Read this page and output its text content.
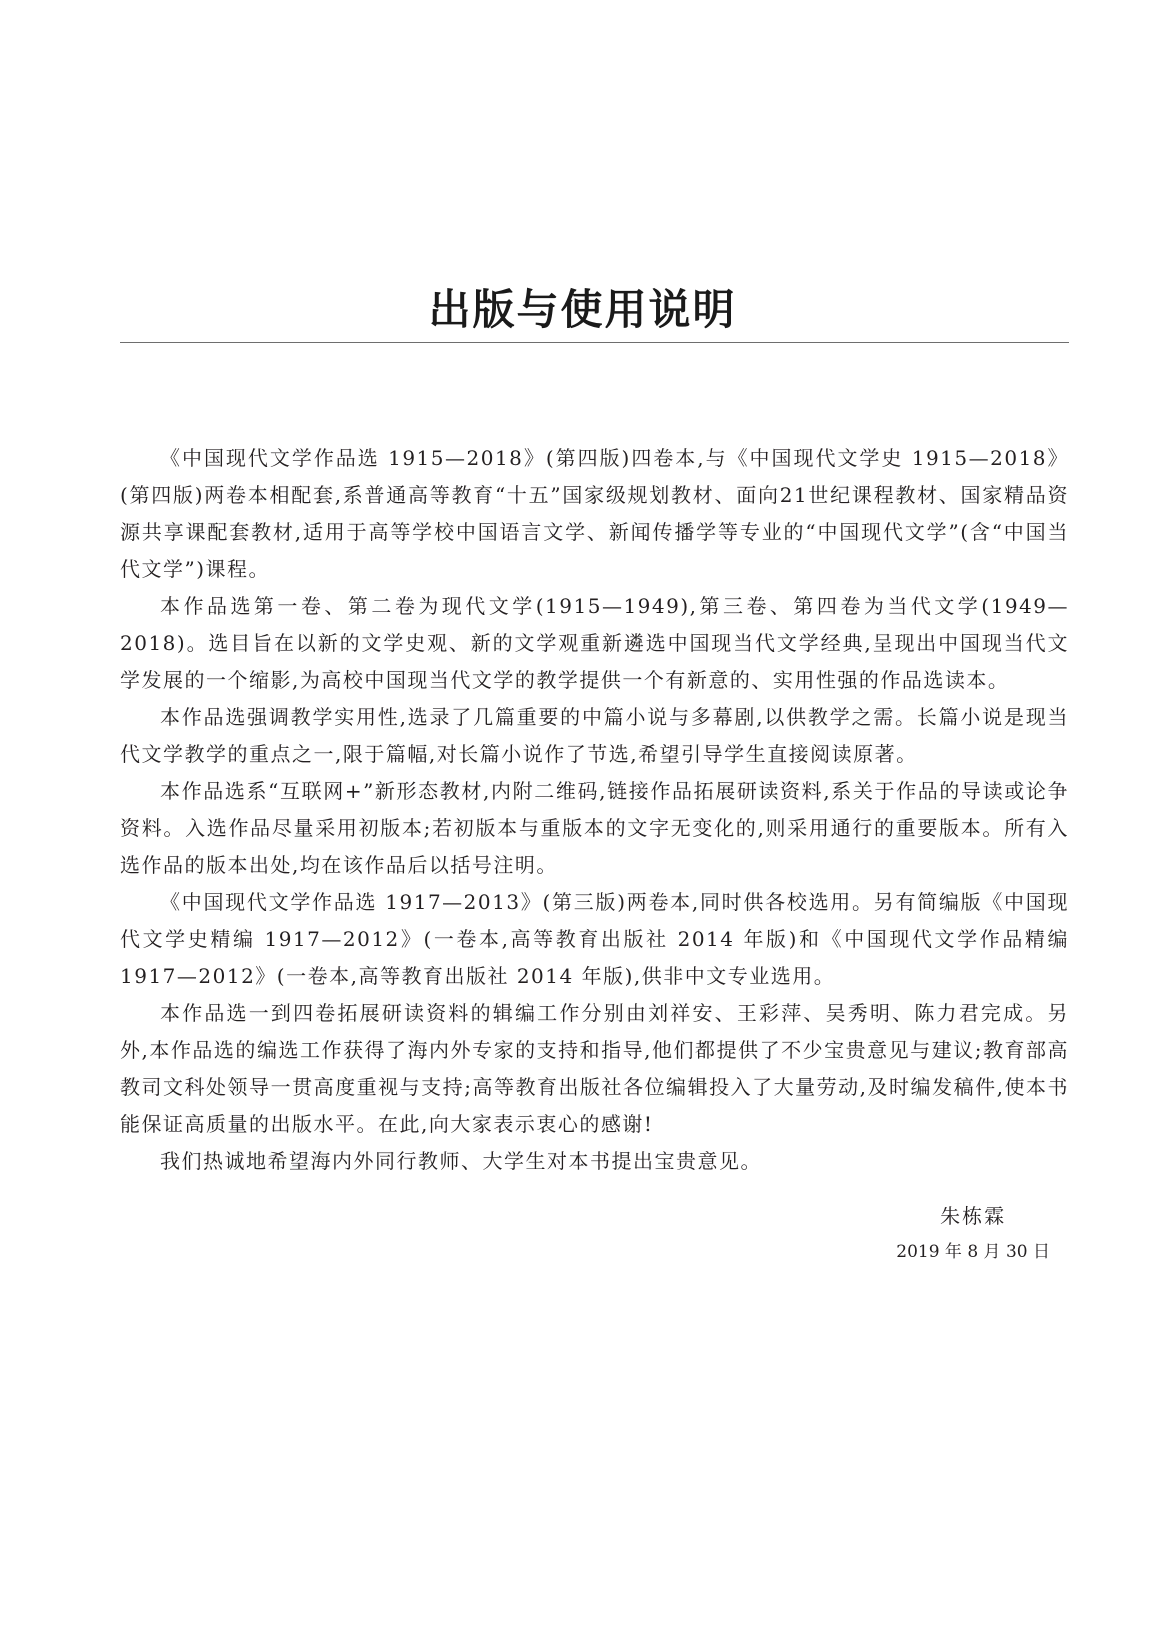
出版与使用说明

《中国现代文学作品选 1915—2018》(第四版)四卷本,与《中国现代文学史 1915—2018》(第四版)两卷本相配套,系普通高等教育“十五”国家级规划教材、面向21世纪课程教材、国家精品资源共享课配套教材,适用于高等学校中国语言文学、新闻传播学等专业的“中国现代文学”(含“中国当代文学”)课程。

本作品选第一卷、第二卷为现代文学(1915—1949),第三卷、第四卷为当代文学(1949—2018)。选目旨在以新的文学史观、新的文学观重新遴选中国现当代文学经典,呈现出中国现当代文学发展的一个缩影,为高校中国现当代文学的教学提供一个有新意的、实用性强的作品选读本。

本作品选强调教学实用性,选录了几篇重要的中篇小说与多幕剧,以供教学之需。长篇小说是现当代文学教学的重点之一,限于篇幅,对长篇小说作了节选,希望引导学生直接阅读原著。

本作品选系“互联网+”新形态教材,内附二维码,链接作品拓展研读资料,系关于作品的导读或论争资料。入选作品尽量采用初版本;若初版本与重版本的文字无变化的,则采用通行的重要版本。所有入选作品的版本出处,均在该作品后以括号注明。

《中国现代文学作品选 1917—2013》(第三版)两卷本,同时供各校选用。另有简编版《中国现代文学史精编 1917—2012》(一卷本,高等教育出版社 2014 年版)和《中国现代文学作品精编 1917—2012》(一卷本,高等教育出版社 2014 年版),供非中文专业选用。

本作品选一到四卷拓展研读资料的辑编工作分别由刘祥安、王彩萍、吴秀明、陈力君完成。另外,本作品选的编选工作获得了海内外专家的支持和指导,他们都提供了不少宝贵意见与建议;教育部高教司文科处领导一贯高度重视与支持;高等教育出版社各位编辑投入了大量劳动,及时编发稿件,使本书能保证高质量的出版水平。在此,向大家表示衷心的感谢!

我们热诚地希望海内外同行教师、大学生对本书提出宝贵意见。

朱栋霖
2019 年 8 月 30 日
